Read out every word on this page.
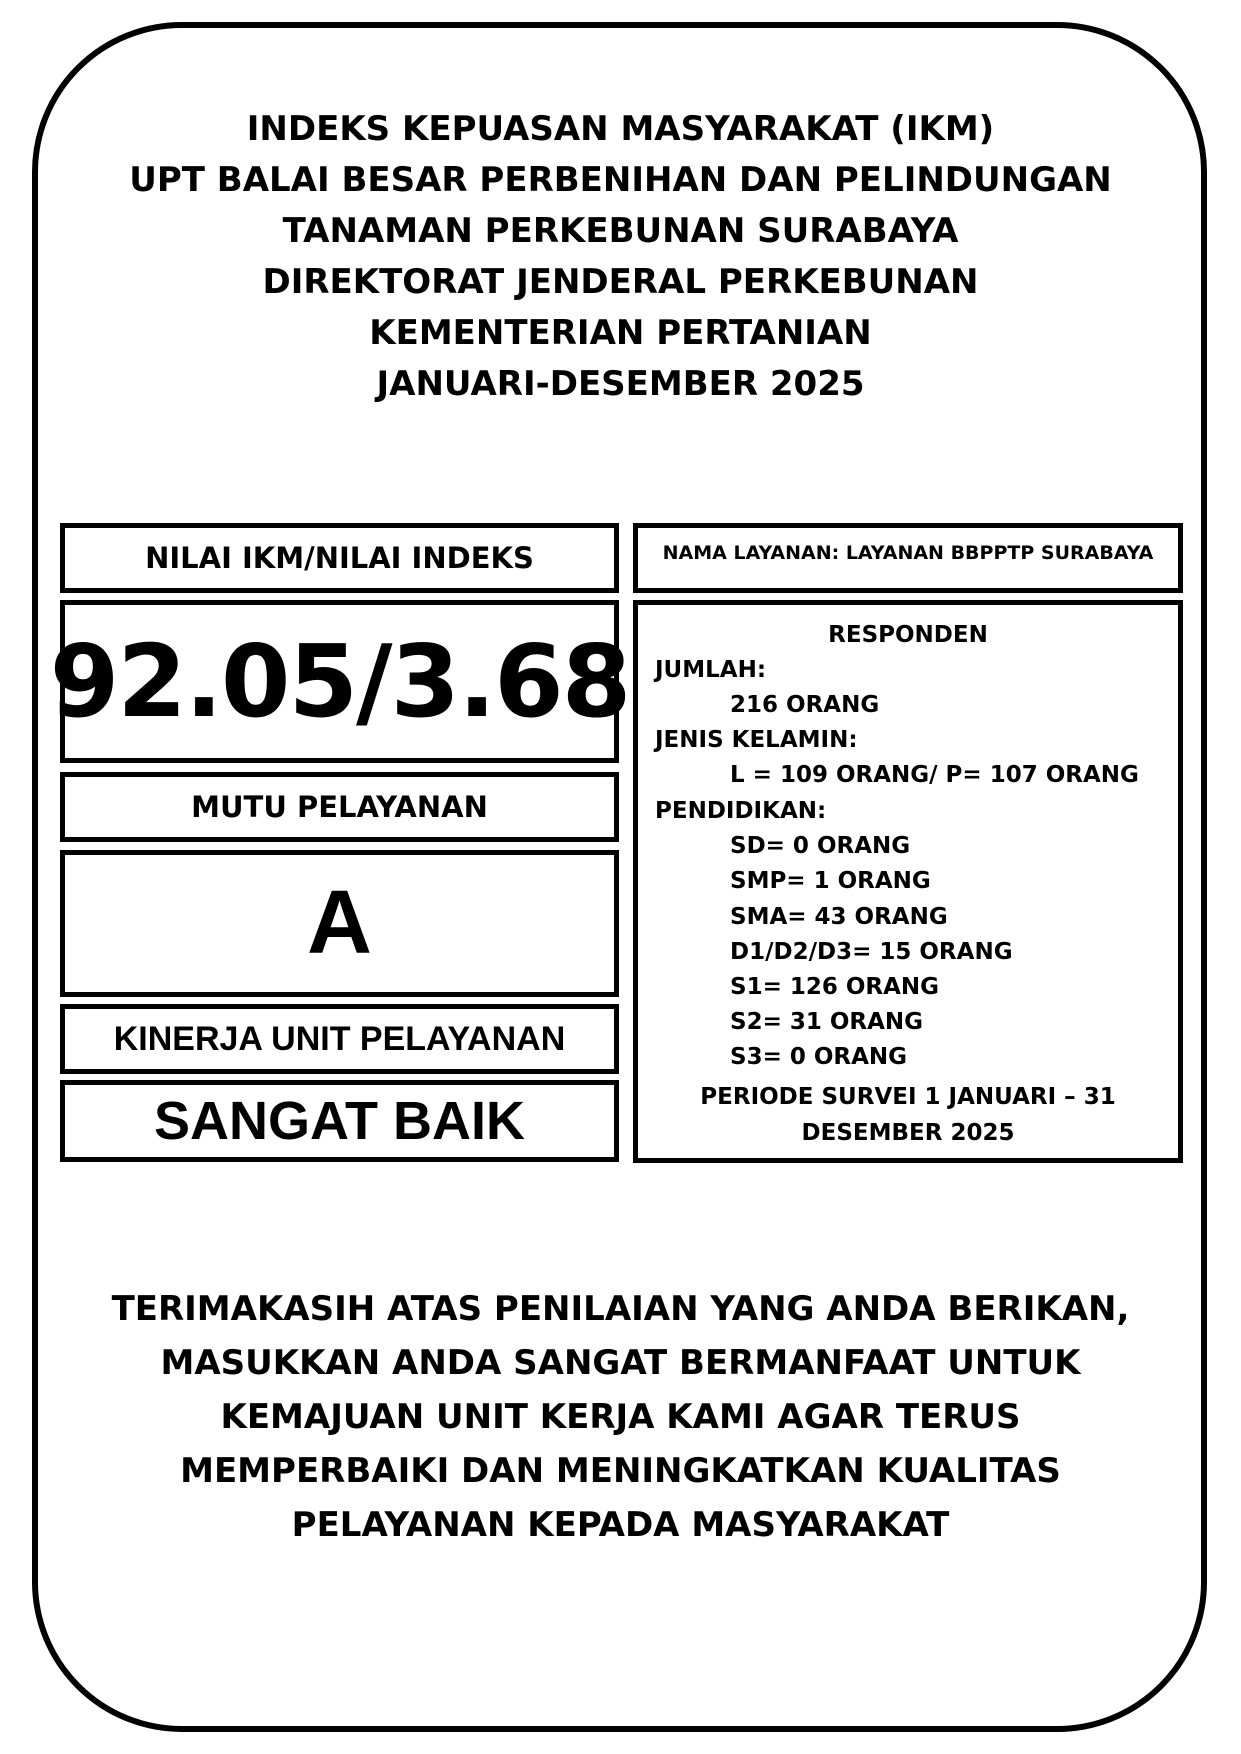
INDEKS KEPUASAN MASYARAKAT (IKM)
UPT BALAI BESAR PERBENIHAN DAN PELINDUNGAN
TANAMAN PERKEBUNAN SURABAYA
DIREKTORAT JENDERAL PERKEBUNAN
KEMENTERIAN PERTANIAN
JANUARI-DESEMBER 2025
NILAI IKM/NILAI INDEKS
92.05/3.68
MUTU PELAYANAN
A
KINERJA UNIT PELAYANAN
SANGAT BAIK
NAMA LAYANAN: LAYANAN BBPPTP SURABAYA
RESPONDEN
JUMLAH:
216 ORANG
JENIS KELAMIN:
L = 109 ORANG/ P= 107 ORANG
PENDIDIKAN:
SD= 0 ORANG
SMP= 1 ORANG
SMA= 43 ORANG
D1/D2/D3= 15 ORANG
S1= 126 ORANG
S2= 31 ORANG
S3= 0 ORANG
PERIODE SURVEI 1 JANUARI – 31
DESEMBER 2025
TERIMAKASIH ATAS PENILAIAN YANG ANDA BERIKAN,
MASUKKAN ANDA SANGAT BERMANFAAT UNTUK
KEMAJUAN UNIT KERJA KAMI AGAR TERUS
MEMPERBAIKI DAN MENINGKATKAN KUALITAS
PELAYANAN KEPADA MASYARAKAT
